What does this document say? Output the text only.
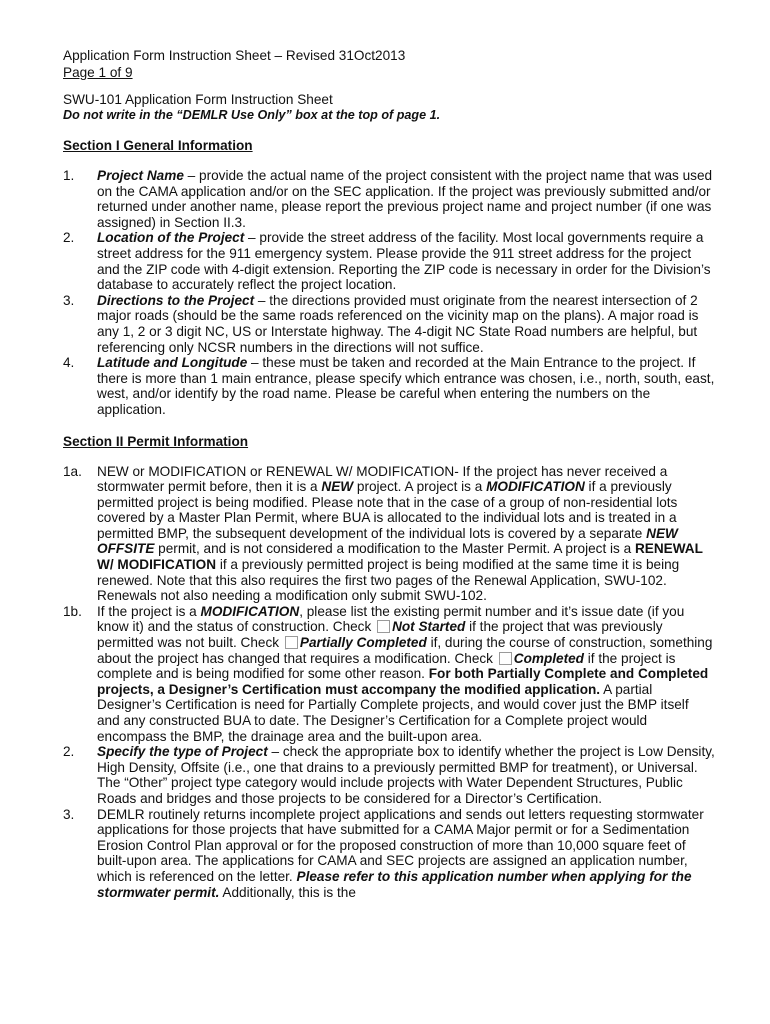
Application Form Instruction Sheet – Revised 31Oct2013
Page 1 of 9
SWU-101 Application Form Instruction Sheet
Do not write in the “DEMLR Use Only” box at the top of page 1.
Section I General Information
1.	Project Name – provide the actual name of the project consistent with the project name that was used on the CAMA application and/or on the SEC application. If the project was previously submitted and/or returned under another name, please report the previous project name and project number (if one was assigned) in Section II.3.
2.	Location of the Project – provide the street address of the facility. Most local governments require a street address for the 911 emergency system. Please provide the 911 street address for the project and the ZIP code with 4-digit extension. Reporting the ZIP code is necessary in order for the Division’s database to accurately reflect the project location.
3.	Directions to the Project – the directions provided must originate from the nearest intersection of 2 major roads (should be the same roads referenced on the vicinity map on the plans). A major road is any 1, 2 or 3 digit NC, US or Interstate highway. The 4-digit NC State Road numbers are helpful, but referencing only NCSR numbers in the directions will not suffice.
4.	Latitude and Longitude – these must be taken and recorded at the Main Entrance to the project. If there is more than 1 main entrance, please specify which entrance was chosen, i.e., north, south, east, west, and/or identify by the road name. Please be careful when entering the numbers on the application.
Section II Permit Information
1a.	NEW or MODIFICATION or RENEWAL W/ MODIFICATION- If the project has never received a stormwater permit before, then it is a NEW project. A project is a MODIFICATION if a previously permitted project is being modified. Please note that in the case of a group of non-residential lots covered by a Master Plan Permit, where BUA is allocated to the individual lots and is treated in a permitted BMP, the subsequent development of the individual lots is covered by a separate NEW OFFSITE permit, and is not considered a modification to the Master Permit. A project is a RENEWAL W/ MODIFICATION if a previously permitted project is being modified at the same time it is being renewed. Note that this also requires the first two pages of the Renewal Application, SWU-102. Renewals not also needing a modification only submit SWU-102.
1b.	If the project is a MODIFICATION, please list the existing permit number and it’s issue date (if you know it) and the status of construction. Check Not Started if the project that was previously permitted was not built. Check Partially Completed if, during the course of construction, something about the project has changed that requires a modification. Check Completed if the project is complete and is being modified for some other reason. For both Partially Complete and Completed projects, a Designer’s Certification must accompany the modified application. A partial Designer’s Certification is need for Partially Complete projects, and would cover just the BMP itself and any constructed BUA to date. The Designer’s Certification for a Complete project would encompass the BMP, the drainage area and the built-upon area.
2.	Specify the type of Project – check the appropriate box to identify whether the project is Low Density, High Density, Offsite (i.e., one that drains to a previously permitted BMP for treatment), or Universal. The “Other” project type category would include projects with Water Dependent Structures, Public Roads and bridges and those projects to be considered for a Director’s Certification.
3.	DEMLR routinely returns incomplete project applications and sends out letters requesting stormwater applications for those projects that have submitted for a CAMA Major permit or for a Sedimentation Erosion Control Plan approval or for the proposed construction of more than 10,000 square feet of built-upon area. The applications for CAMA and SEC projects are assigned an application number, which is referenced on the letter. Please refer to this application number when applying for the stormwater permit. Additionally, this is the
